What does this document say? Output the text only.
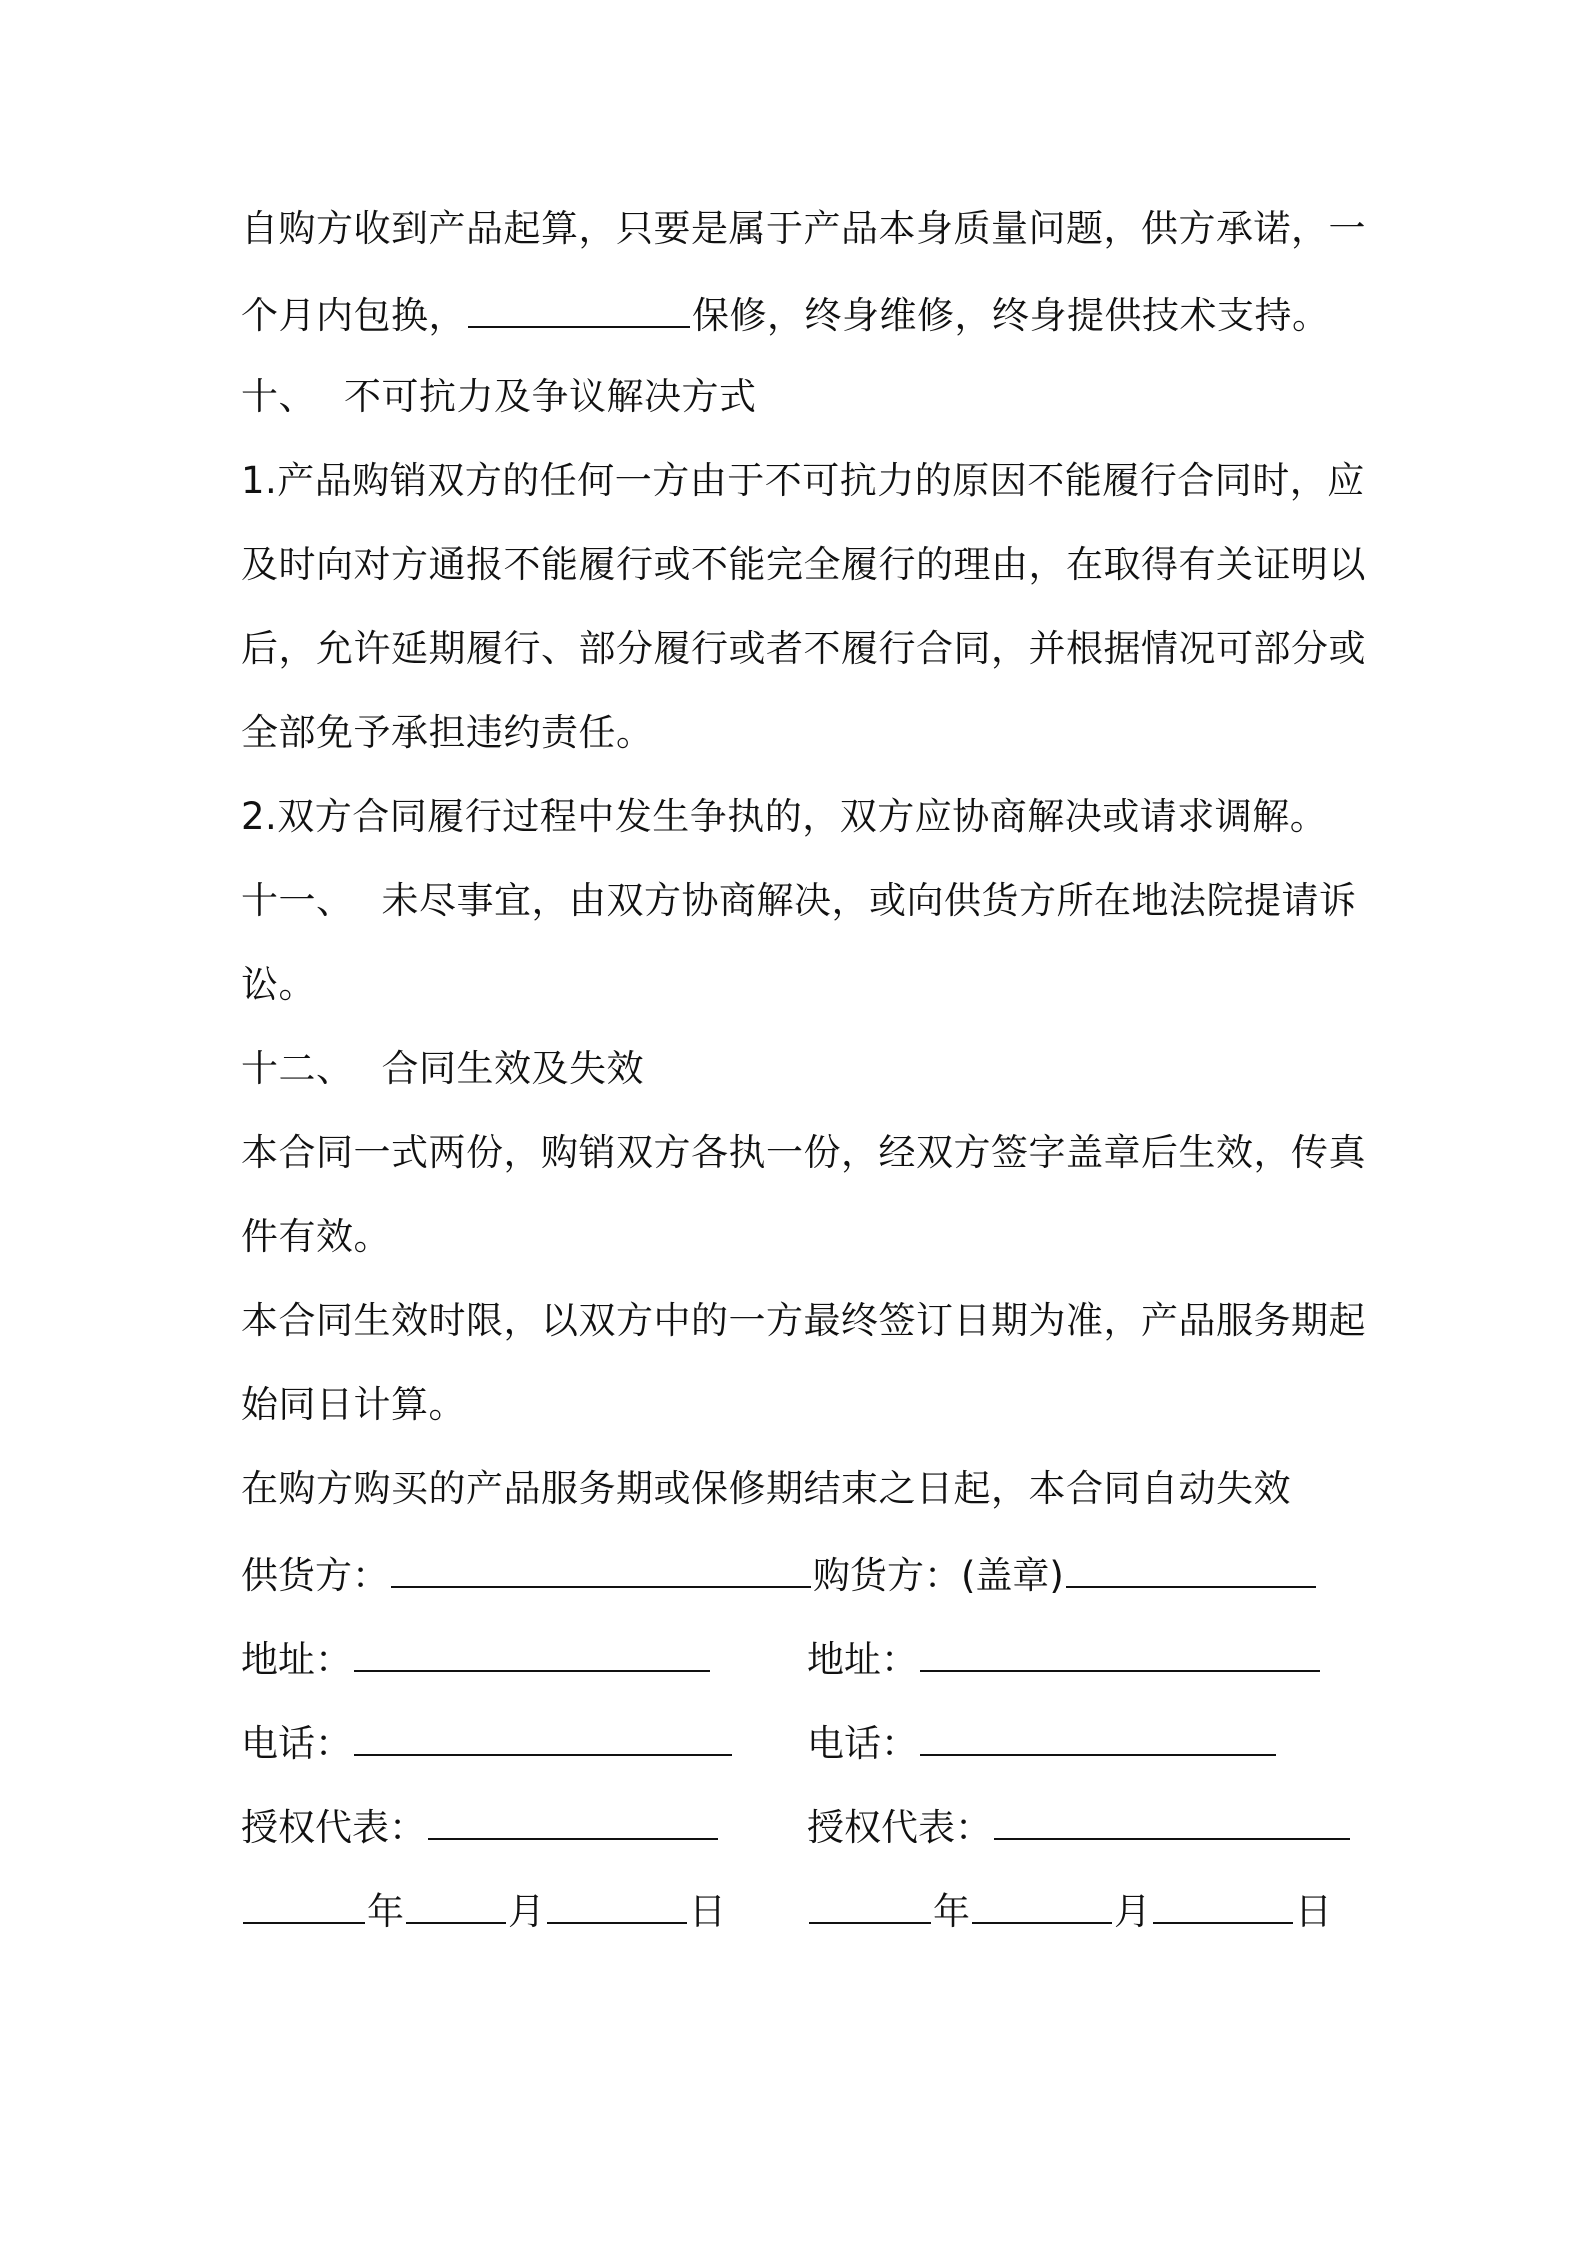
自购方收到产品起算，只要是属于产品本身质量问题，供方承诺，一
个月内包换，	保修，终身维修，终身提供技术支持。
十、 不可抗力及争议解决方式
1.产品购销双方的任何一方由于不可抗力的原因不能履行合同时，应
及时向对方通报不能履行或不能完全履行的理由，在取得有关证明以
后，允许延期履行、部分履行或者不履行合同，并根据情况可部分或
全部免予承担违约责任。
2.双方合同履行过程中发生争执的，双方应协商解决或请求调解。
十一、 未尽事宜，由双方协商解决，或向供货方所在地法院提请诉
讼。
十二、 合同生效及失效
本合同一式两份，购销双方各执一份，经双方签字盖章后生效，传真
件有效。
本合同生效时限，以双方中的一方最终签订日期为准，产品服务期起
始同日计算。
在购方购买的产品服务期或保修期结束之日起，本合同自动失效
供货方：	购货方：(盖章)
地址：	地址：
电话：	电话：
授权代表：	授权代表：
年	月	日	年	月	日
